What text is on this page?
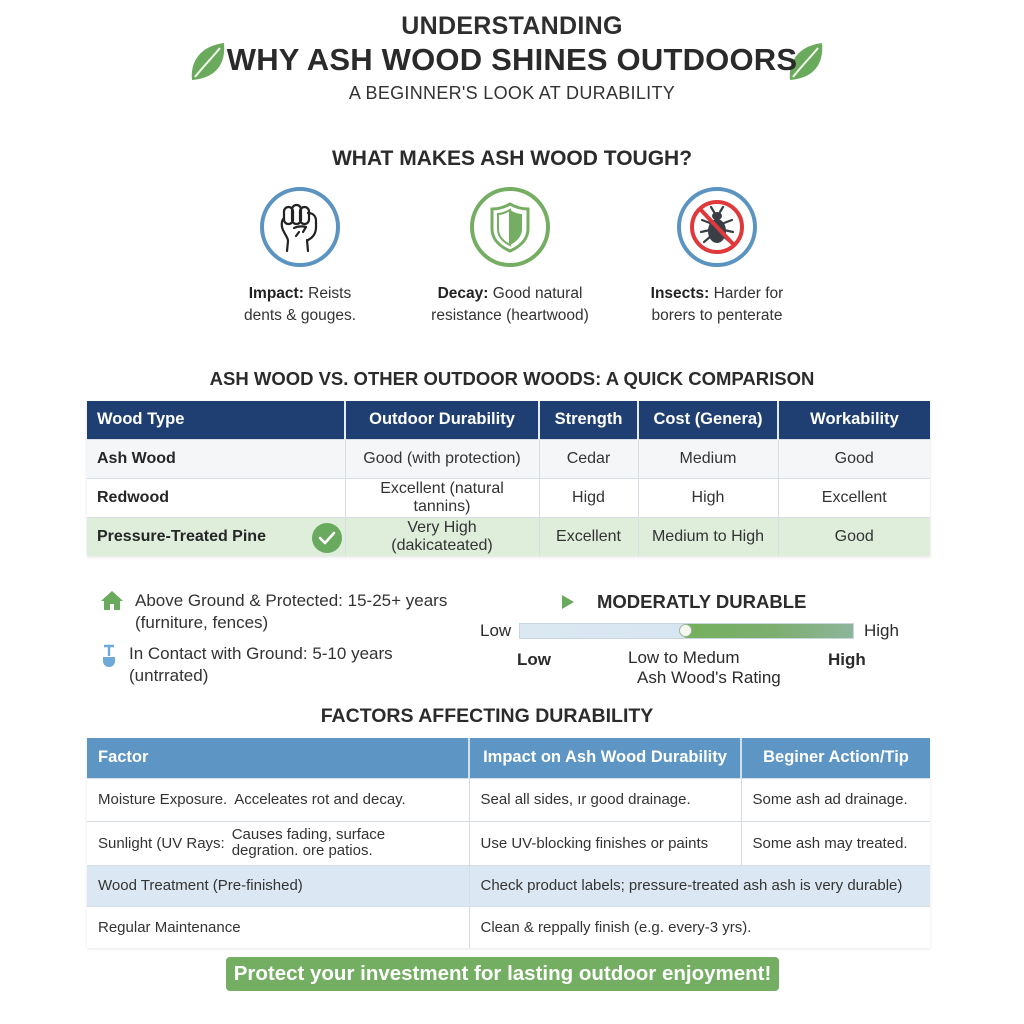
UNDERSTANDING
WHY ASH WOOD SHINES OUTDOORS
A BEGINNER'S LOOK AT DURABILITY
WHAT MAKES ASH WOOD TOUGH?
Impact: Reists
dents & gouges.
Decay: Good natural
resistance (heartwood)
Insects: Harder for
borers to penterate
ASH WOOD VS. OTHER OUTDOOR WOODS: A QUICK COMPARISON
Wood Type	Outdoor Durability	Strength	Cost (Genera)	Workability
Ash Wood	Good (with protection)	Cedar	Medium	Good
Redwood	Excellent (natural tannins)	Higd	High	Excellent
Pressure-Treated Pine	Very High (dakicateated)	Excellent	Medium to High	Good
Above Ground & Protected: 15-25+ years
(furniture, fences)
In Contact with Ground: 5-10 years
(untrrated)
MODERATLY DURABLE
Low	High
Low	Low to Medum
Ash Wood's Rating
High
FACTORS AFFECTING DURABILITY
Factor	Impact on Ash Wood Durability	Beginer Action/Tip

Moisture Exposure. Acceleates rot and decay.	Seal all sides, ır good drainage.	Some ash ad drainage.

Sunlight (UV Rays: Causes fading, surface degration. ore patios.	Use UV-blocking finishes or paints	Some ash may treated.
Wood Treatment (Pre-finished)	Check product labels; pressure-treated ash ash is very durable)	
Regular Maintenance	Clean & reppally finish (e.g. every-3 yrs).	
Protect your investment for lasting outdoor enjoyment!
